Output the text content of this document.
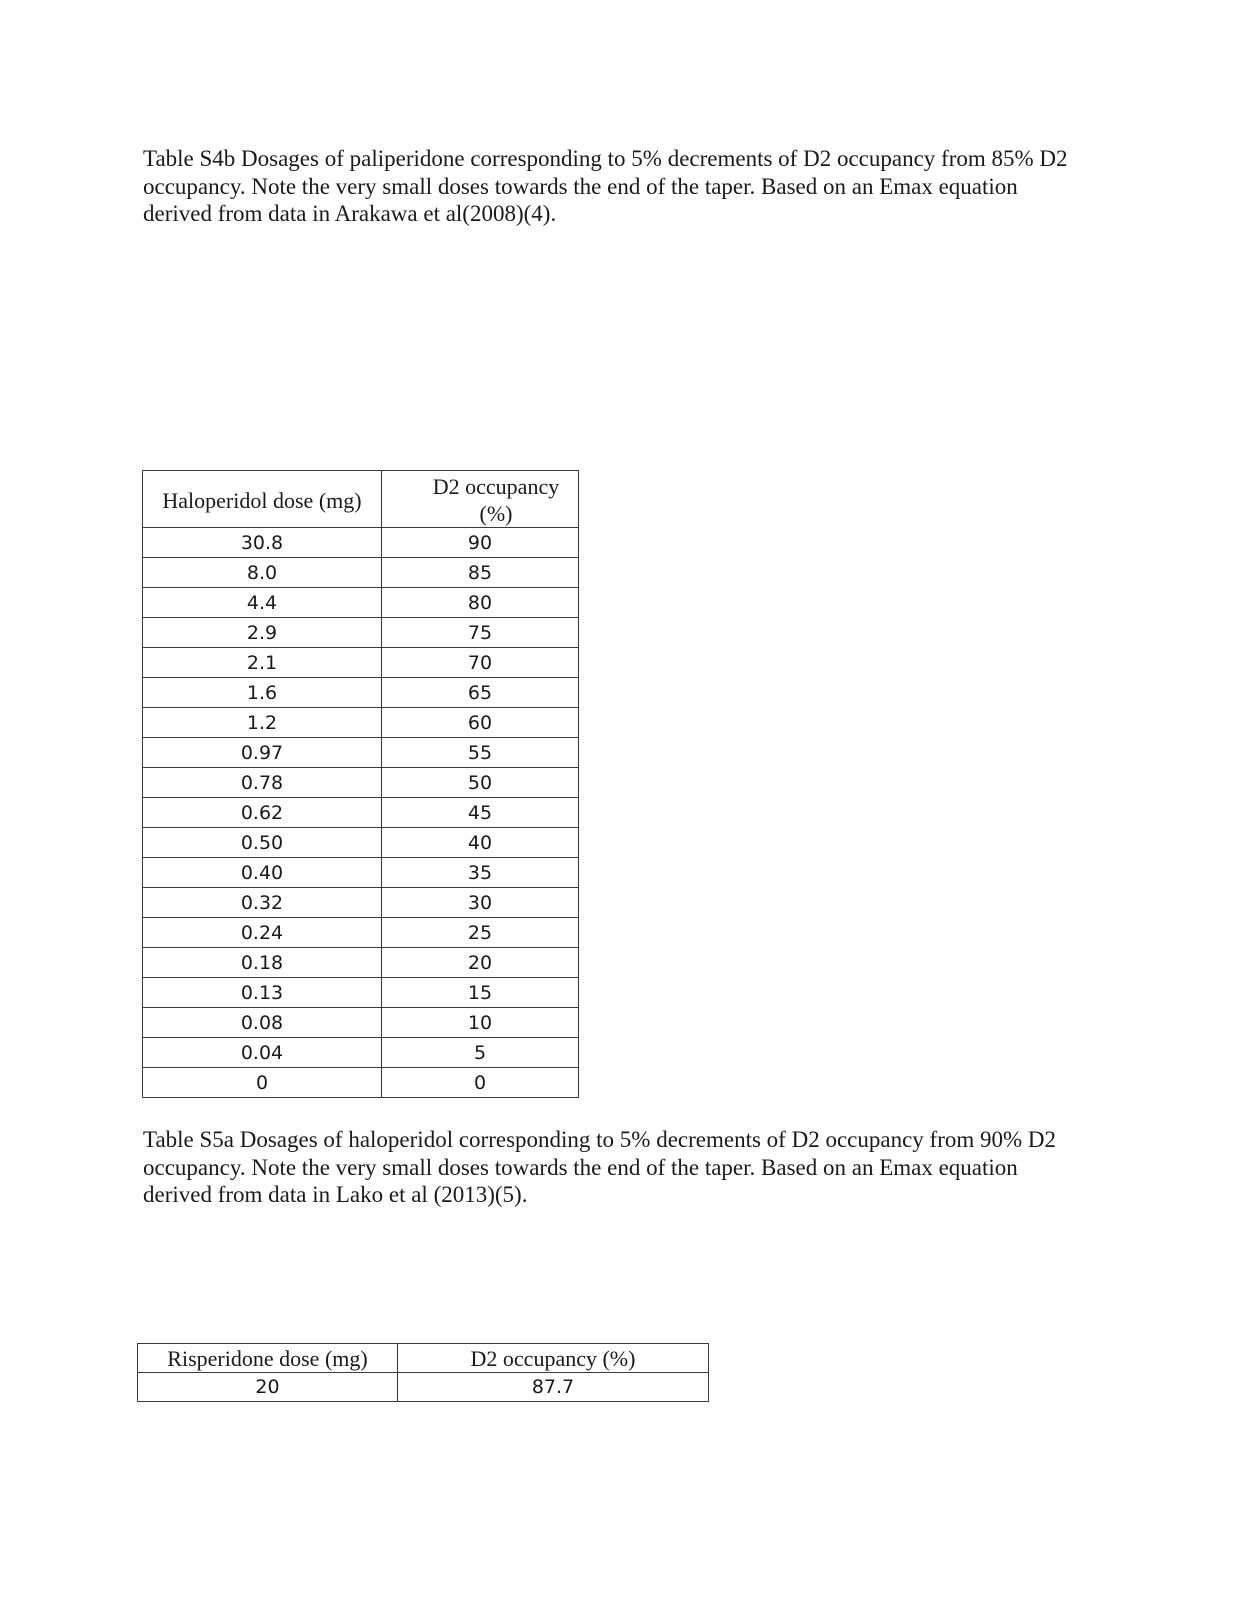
Table S4b Dosages of paliperidone corresponding to 5% decrements of D2 occupancy from 85% D2 occupancy. Note the very small doses towards the end of the taper. Based on an Emax equation derived from data in Arakawa et al(2008)(4).

Haloperidol dose (mg)	D2 occupancy (%)
30.8	90
8.0	85
4.4	80
2.9	75
2.1	70
1.6	65
1.2	60
0.97	55
0.78	50
0.62	45
0.50	40
0.40	35
0.32	30
0.24	25
0.18	20
0.13	15
0.08	10
0.04	5
0	0

Table S5a Dosages of haloperidol corresponding to 5% decrements of D2 occupancy from 90% D2 occupancy. Note the very small doses towards the end of the taper. Based on an Emax equation derived from data in Lako et al (2013)(5).

Risperidone dose (mg)	D2 occupancy (%)
20	87.7
